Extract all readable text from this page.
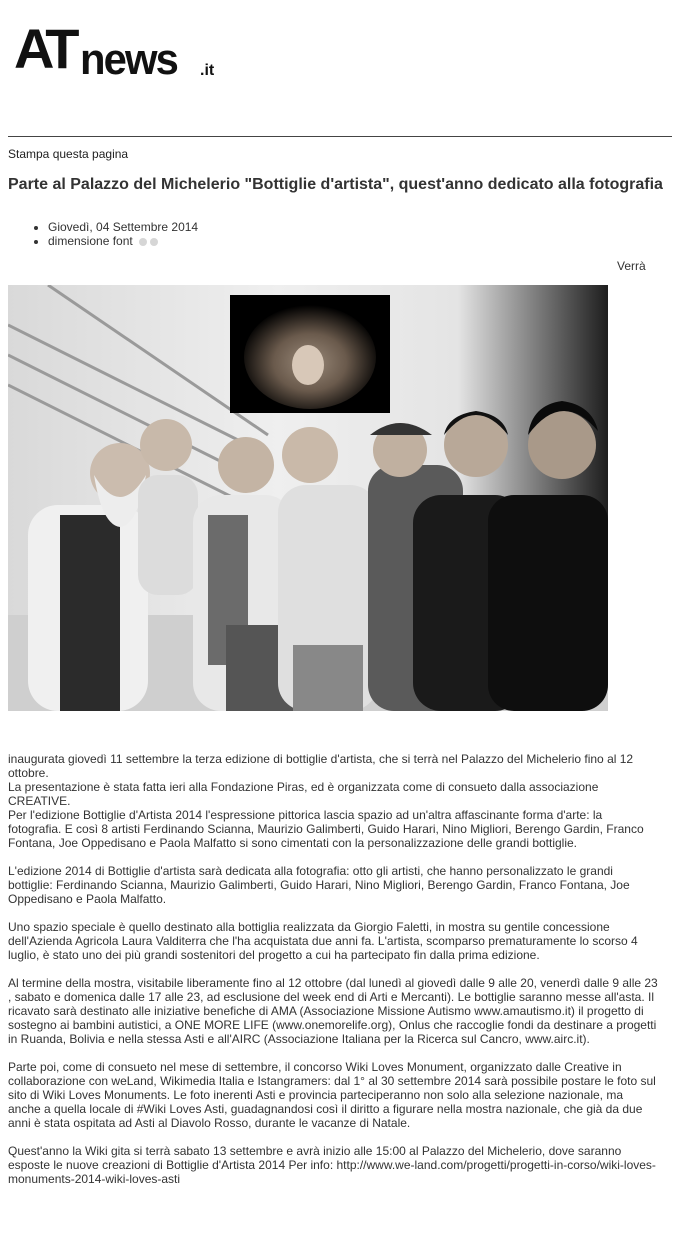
AT news .it
Stampa questa pagina
Parte al Palazzo del Michelerio "Bottiglie d'artista", quest'anno dedicato alla fotografia
• Giovedì, 04 Settembre 2014
• dimensione font
Verrà

inaugurata giovedì 11 settembre la terza edizione di bottiglie d'artista, che si terrà nel Palazzo del Michelerio fino al 12 ottobre.

La presentazione è stata fatta ieri alla Fondazione Piras, ed è organizzata come di consueto dalla associazione CREATIVE.

Per l'edizione Bottiglie d'Artista 2014 l'espressione pittorica lascia spazio ad un'altra affascinante forma d'arte: la fotografia. E così 8 artisti Ferdinando Scianna, Maurizio Galimberti, Guido Harari, Nino Migliori, Berengo Gardin, Franco Fontana, Joe Oppedisano e Paola Malfatto si sono cimentati con la personalizzazione delle grandi bottiglie.

L'edizione 2014 di Bottiglie d'artista sarà dedicata alla fotografia: otto gli artisti, che hanno personalizzato le grandi bottiglie: Ferdinando Scianna, Maurizio Galimberti, Guido Harari, Nino Migliori, Berengo Gardin, Franco Fontana, Joe Oppedisano e Paola Malfatto.

Uno spazio speciale è quello destinato alla bottiglia realizzata da Giorgio Faletti, in mostra su gentile concessione dell'Azienda Agricola Laura Valditerra che l'ha acquistata due anni fa. L'artista, scomparso prematuramente lo scorso 4 luglio, è stato uno dei più grandi sostenitori del progetto a cui ha partecipato fin dalla prima edizione.

Al termine della mostra, visitabile liberamente fino al 12 ottobre (dal lunedì al giovedì dalle 9 alle 20, venerdì dalle 9 alle 23 , sabato e domenica dalle 17 alle 23, ad esclusione del week end di Arti e Mercanti). Le bottiglie saranno messe all'asta. Il ricavato sarà destinato alle iniziative benefiche di AMA (Associazione Missione Autismo www.amautismo.it) il progetto di sostegno ai bambini autistici, a ONE MORE LIFE (www.onemorelife.org), Onlus che raccoglie fondi da destinare a progetti in Ruanda, Bolivia e nella stessa Asti e all'AIRC (Associazione Italiana per la Ricerca sul Cancro, www.airc.it).

Parte poi, come di consueto nel mese di settembre, il concorso Wiki Loves Monument, organizzato dalle Creative in collaborazione con weLand, Wikimedia Italia e Istangramers: dal 1° al 30 settembre 2014 sarà possibile postare le foto sul sito di Wiki Loves Monuments. Le foto inerenti Asti e provincia parteciperanno non solo alla selezione nazionale, ma anche a quella locale di #Wiki Loves Asti, guadagnandosi così il diritto a figurare nella mostra nazionale, che già da due anni è stata ospitata ad Asti al Diavolo Rosso, durante le vacanze di Natale.

Quest'anno la Wiki gita si terrà sabato 13 settembre e avrà inizio alle 15:00 al Palazzo del Michelerio, dove saranno esposte le nuove creazioni di Bottiglie d'Artista 2014 Per info: http://www.we-land.com/progetti/progetti-in-corso/wiki-loves-monuments-2014-wiki-loves-asti
